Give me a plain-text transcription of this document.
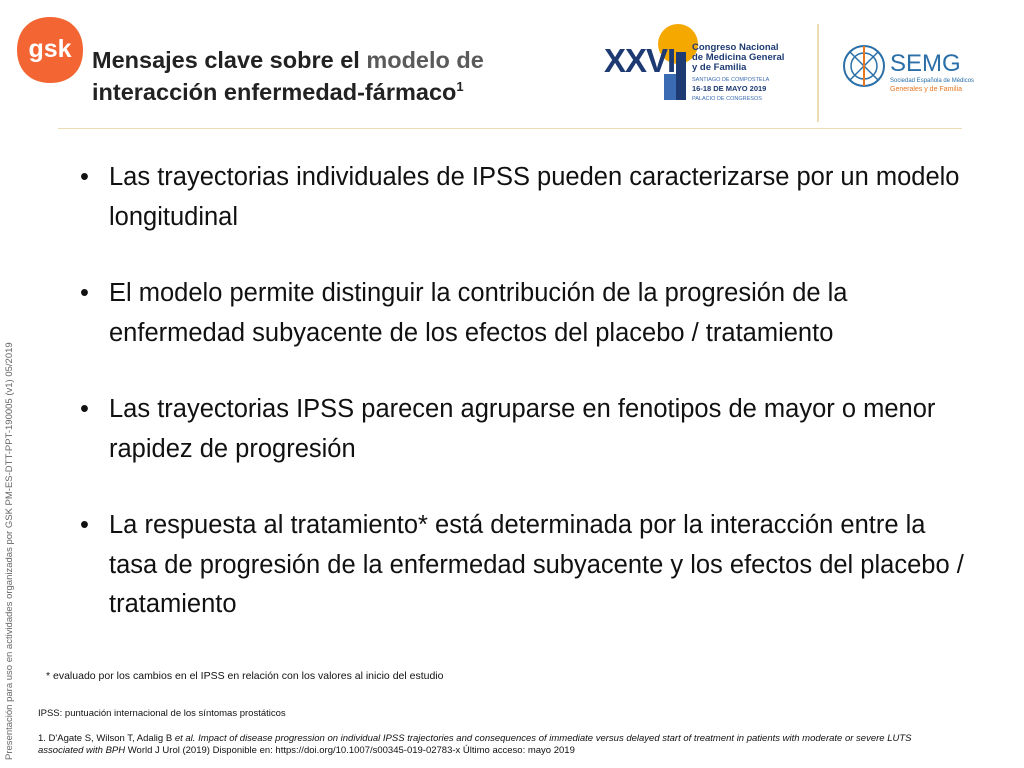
gsk Mensajes clave sobre el modelo de
interacción enfermedad-fármaco$^1$
XXVI Congreso Nacional
de Medicina General
y de Familia
SANTIAGO DE COMPOSTELA
16-18 DE MAYO 2019
PALACIO DE CONGRESOS
SEMG
Sociedad Española de Médicos
Generales y de Familia
Presentación para uso en actividades organizadas por GSK PM-ES-DTT-PPT-190005 (v1) 05/2019
• Las trayectorias individuales de IPSS pueden caracterizarse por un modelo longitudinal
• El modelo permite distinguir la contribución de la progresión de la enfermedad subyacente de los efectos del placebo / tratamiento
• Las trayectorias IPSS parecen agruparse en fenotipos de mayor o menor rapidez de progresión
• La respuesta al tratamiento* está determinada por la interacción entre la tasa de progresión de la enfermedad subyacente y los efectos del placebo / tratamiento
* evaluado por los cambios en el IPSS en relación con los valores al inicio del estudio
IPSS: puntuación internacional de los síntomas prostáticos
1. D'Agate S, Wilson T, Adalig B et al. Impact of disease progression on individual IPSS trajectories and consequences of immediate versus delayed start of treatment in patients with moderate or severe LUTS associated with BPH World J Urol (2019) Disponible en: https://doi.org/10.1007/s00345-019-02783-x Último acceso: mayo 2019
